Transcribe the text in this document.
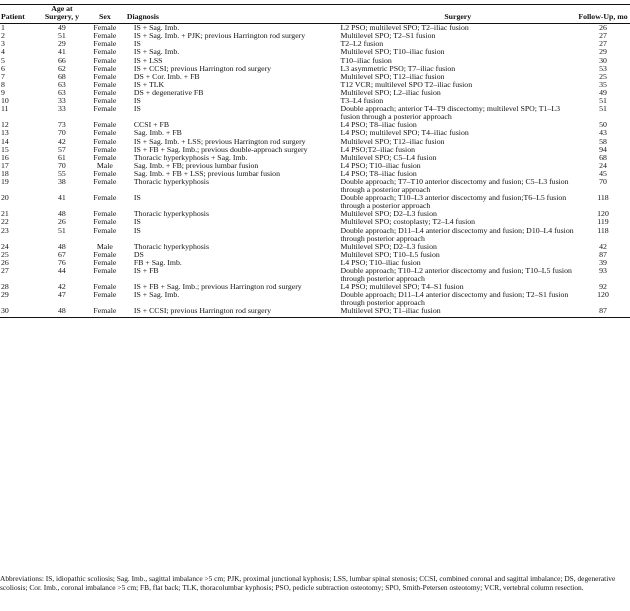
Patient	Age at Surgery, y	Sex	Diagnosis	Surgery	Follow-Up, mo
1	49	Female	IS + Sag. Imb.	L2 PSO; multilevel SPO; T2–iliac fusion	26
2	51	Female	IS + Sag. Imb. + PJK; previous Harrington rod surgery	Multilevel SPO; T2–S1 fusion	27
3	29	Female	IS	T2–L2 fusion	27
4	41	Female	IS + Sag. Imb.	Multilevel SPO; T10–iliac fusion	29
5	66	Female	IS + LSS	T10–iliac fusion	30
6	62	Female	IS + CCSI; previous Harrington rod surgery	L3 asymmetric PSO; T7–iliac fusion	53
7	68	Female	DS + Cor. Imb. + FB	Multilevel SPO; T12–iliac fusion	25
8	63	Female	IS + TLK	T12 VCR; multilevel SPO T2–iliac fusion	35
9	63	Female	DS + degenerative FB	Multilevel SPO; L2–iliac fusion	49
10	33	Female	IS	T3–L4 fusion	51
11	33	Female	IS	Double approach; anterior T4–T9 discectomy; multilevel SPO; T1–L3 fusion through a posterior approach	51
12	73	Female	CCSI + FB	L4 PSO; T8–iliac fusion	50
13	70	Female	Sag. Imb. + FB	L4 PSO; multilevel SPO; T4–iliac fusion	43
14	42	Female	IS + Sag. Imb. + LSS; previous Harrington rod surgery	Multilevel SPO; T12–iliac fusion	58
15	57	Female	IS + FB + Sag. Imb.; previous double-approach surgery	L4 PSO;T2–iliac fusion	94
16	61	Female	Thoracic hyperkyphosis + Sag. Imb.	Multilevel SPO; C5–L4 fusion	68
17	70	Male	Sag. Imb. + FB; previous lumbar fusion	L4 PSO; T10–iliac fusion	24
18	55	Female	Sag. Imb. + FB + LSS; previous lumbar fusion	L4 PSO; T8–iliac fusion	45
19	38	Female	Thoracic hyperkyphosis	Double approach; T7–T10 anterior discectomy and fusion; C5–L3 fusion through a posterior approach	70
20	41	Female	IS	Double approach; T10–L3 anterior discectomy and fusion;T6–L5 fusion through a posterior approach	118
21	48	Female	Thoracic hyperkyphosis	Multilevel SPO; D2–L3 fusion	120
22	26	Female	IS	Multilevel SPO; costoplasty; T2–L4 fusion	119
23	51	Female	IS	Double approach; D11–L4 anterior discectomy and fusion; D10–L4 fusion through posterior approach	118
24	48	Male	Thoracic hyperkyphosis	Multilevel SPO; D2–L3 fusion	42
25	67	Female	DS	Multilevel SPO; T10–L5 fusion	87
26	76	Female	FB + Sag. Imb.	L4 PSO; T10–iliac fusion	39
27	44	Female	IS + FB	Double approach; T10–L2 anterior discectomy and fusion; T10–L5 fusion through posterior approach	93
28	42	Female	IS + FB + Sag. Imb.; previous Harrington rod surgery	L4 PSO; multilevel SPO; T4–S1 fusion	92
29	47	Female	IS + Sag. Imb.	Double approach; D11–L4 anterior discectomy and fusion; T2–S1 fusion through posterior approach	120
30	48	Female	IS + CCSI; previous Harrington rod surgery	Multilevel SPO; T1–iliac fusion	87
Abbreviations: IS, idiopathic scoliosis; Sag. Imb., sagittal imbalance >5 cm; PJK, proximal junctional kyphosis; LSS, lumbar spinal stenosis; CCSI, combined coronal and sagittal imbalance; DS, degenerative scoliosis; Cor. Imb., coronal imbalance >5 cm; FB, flat back; TLK, thoracolumbar kyphosis; PSO, pedicle subtraction osteotomy; SPO, Smith-Petersen osteotomy; VCR, vertebral column resection.
